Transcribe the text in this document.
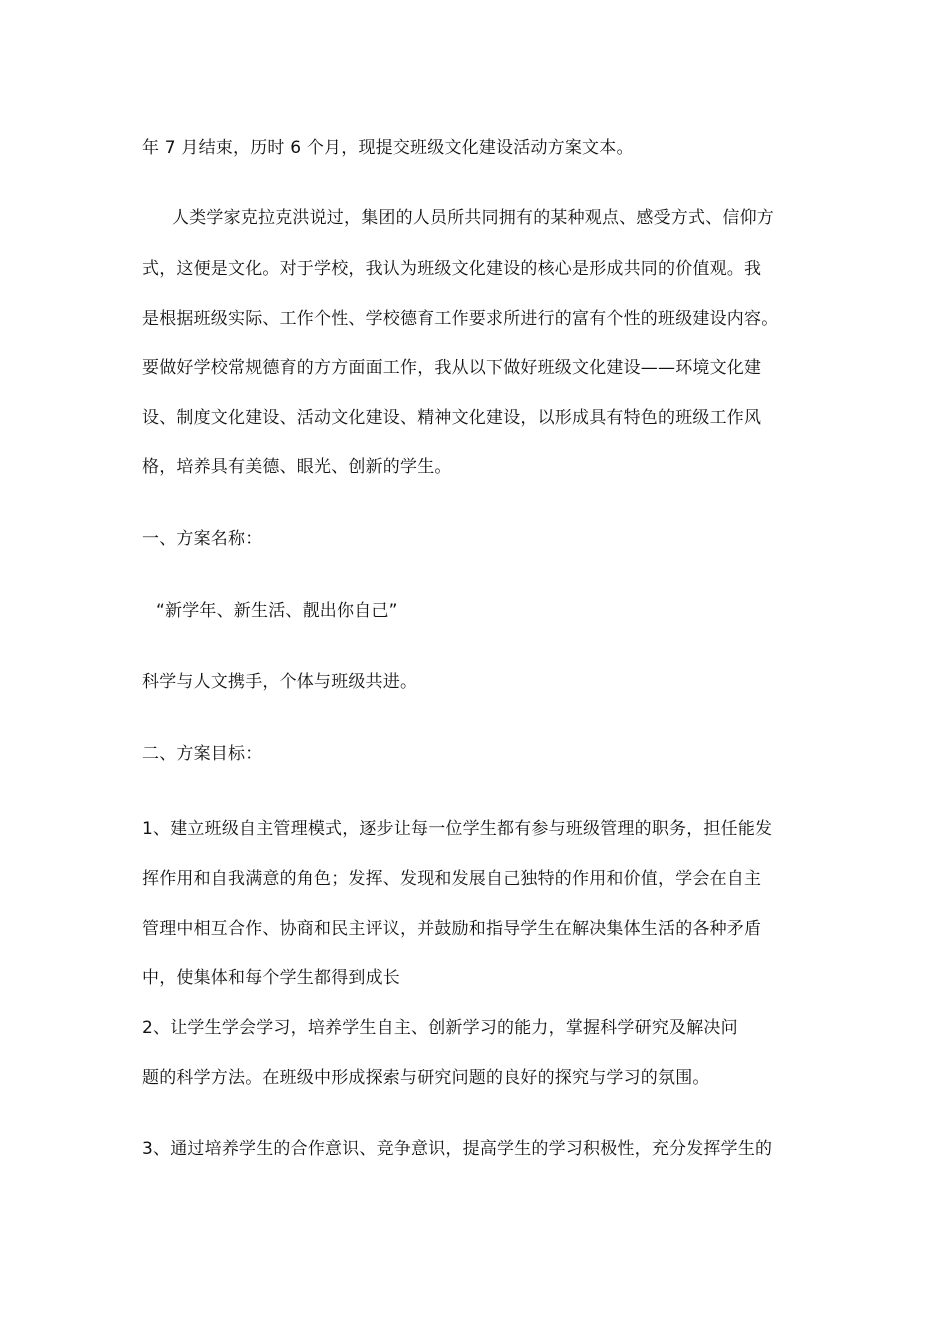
年 7 月结束，历时 6 个月，现提交班级文化建设活动方案文本。
人类学家克拉克洪说过，集团的人员所共同拥有的某种观点、感受方式、信仰方
式，这便是文化。对于学校，我认为班级文化建设的核心是形成共同的价值观。我
是根据班级实际、工作个性、学校德育工作要求所进行的富有个性的班级建设内容。
要做好学校常规德育的方方面面工作，我从以下做好班级文化建设——环境文化建
设、制度文化建设、活动文化建设、精神文化建设，以形成具有特色的班级工作风
格，培养具有美德、眼光、创新的学生。
一、方案名称：
“新学年、新生活、靓出你自己”
科学与人文携手，个体与班级共进。
二、方案目标：
1、建立班级自主管理模式，逐步让每一位学生都有参与班级管理的职务，担任能发
挥作用和自我满意的角色；发挥、发现和发展自己独特的作用和价值，学会在自主
管理中相互合作、协商和民主评议，并鼓励和指导学生在解决集体生活的各种矛盾
中，使集体和每个学生都得到成长
2、让学生学会学习，培养学生自主、创新学习的能力，掌握科学研究及解决问
题的科学方法。在班级中形成探索与研究问题的良好的探究与学习的氛围。
3、通过培养学生的合作意识、竞争意识，提高学生的学习积极性，充分发挥学生的
